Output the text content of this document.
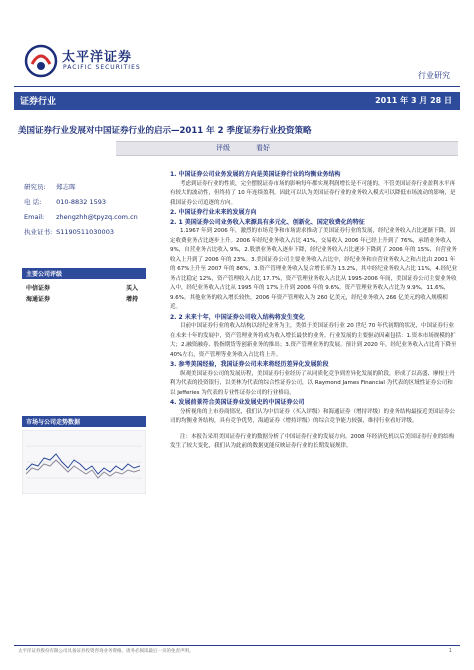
太平洋证券
PACIFIC SECURITIES
行业研究
证券行业	2011 年 3 月 28 日
美国证券行业发展对中国证券行业的启示—2011 年 2 季度证券行业投资策略
评级	看好
研究员: 郑志晖
电 话: 010-8832 1593
Email: zhengzhh@tpyzq.com.cn
执业证书: S1190511030003
主要公司评级
中信证券	买入
海通证券	增持
市场与公司走势数据

1. 中国证券公司业务发展的方向是美国证券行业的均衡业务结构

考虑到证券行业的性质，完全摆脱证券市场的影响每年都实现利润增长是不可能的，不管美国证券行业盈利水平再有较大的波动性，但终持了 10 年连续盈利，因此可以认为美国证券行业的业务收入模式可以降低市场波动的影响，是我国证券公司追逐的方向。

2. 中国证券行业未来的发展方向

2. 1 美国证券公司业务收入来源具有多元化、创新化、国定收费化的特征

1.1967 年到 2006 年，激烈的市场竞争和市场需求推动了美国证券行业的发展，经纪业务收入占比逐渐下降，固定收费业务占比逐步上升。2006 年经纪业务收入占比 41%，交易收入 2006 年已经上升到了 76%，承销业务收入 9%，自营业务占比收入 9%，2.股票业务收入逐步下降，经纪业务收入占比逐步下降到了 2006 年的 15%，自营业务收入上升到了 2006 年的 23%。3.美国证券公司主要业务收入占比中，经纪业务和自营业务收入之和占比由 2001 年的 67%上升至 2007 年的 86%，3.资产管理业务收入复合增长率为 13.2%，其中经纪业务收入占比 11%，4.经纪业务占比稳定 12%，资产管理收入占比 17.7%，资产管理业务收入占比从 1995-2006 年间，美国证券公司主要业务收入中，经纪业务收入占比从 1995 年的 17%上升到 2006 年的 9.6%，资产管理业务收入占比为 9.9%，11.6%，9.6%。其他业务的收入增长较快，2006 年资产管理收入为 260 亿美元，经纪业务收入 266 亿美元的收入规模相近。

2. 2 未来十年，中国证券公司收入结构将发生变化

目前中国证券行业的收入结构以经纪业务为主，类似于美国证券行业 20 世纪 70 年代初期的状况，中国证券行业在未来十年的发展中，资产管理业务将成为收入增长最快的业务。行业发展的主要驱动因素包括：1.资本市场规模的扩大；2.融资融券、股指期货等创新业务的推出；3.资产管理业务的发展。预计到 2020 年，经纪业务收入占比将下降至 40%左右，资产管理等业务收入占比将上升。

3. 参考美国经验，我国证券公司未来将经历差异化发展阶段

纵观美国证券公司的发展历程，美国证券行业经历了从同质化竞争到差异化发展的阶段，形成了以高盛、摩根士丹利为代表的投资银行，以美林为代表的综合性证券公司，以 Raymond James Financial 为代表的区域性证券公司和以 Jefferies 为代表的专业性证券公司的行业格局。

4. 发展前景符合美国证券业发展史的中国证券公司

分析视角的上市券商情况，我们认为中信证券（买入评级）和海通证券（增持评级）的业务结构最接近美国证券公司的均衡业务结构，具有竞争优势，海通证券（增持评级）的综合竞争能力较强，维持行业看好评级。

注：本报告采用美国证券行业的数据分析了中国证券行业的发展方向。2008 年经济危机以后美国证券行业的结构发生了较大变化，我们认为此前的数据更能反映证券行业的长期发展规律。

太平洋证券股份有限公司具备证券投资咨询业务资格。请务必阅读最后一页的免责声明。	1
